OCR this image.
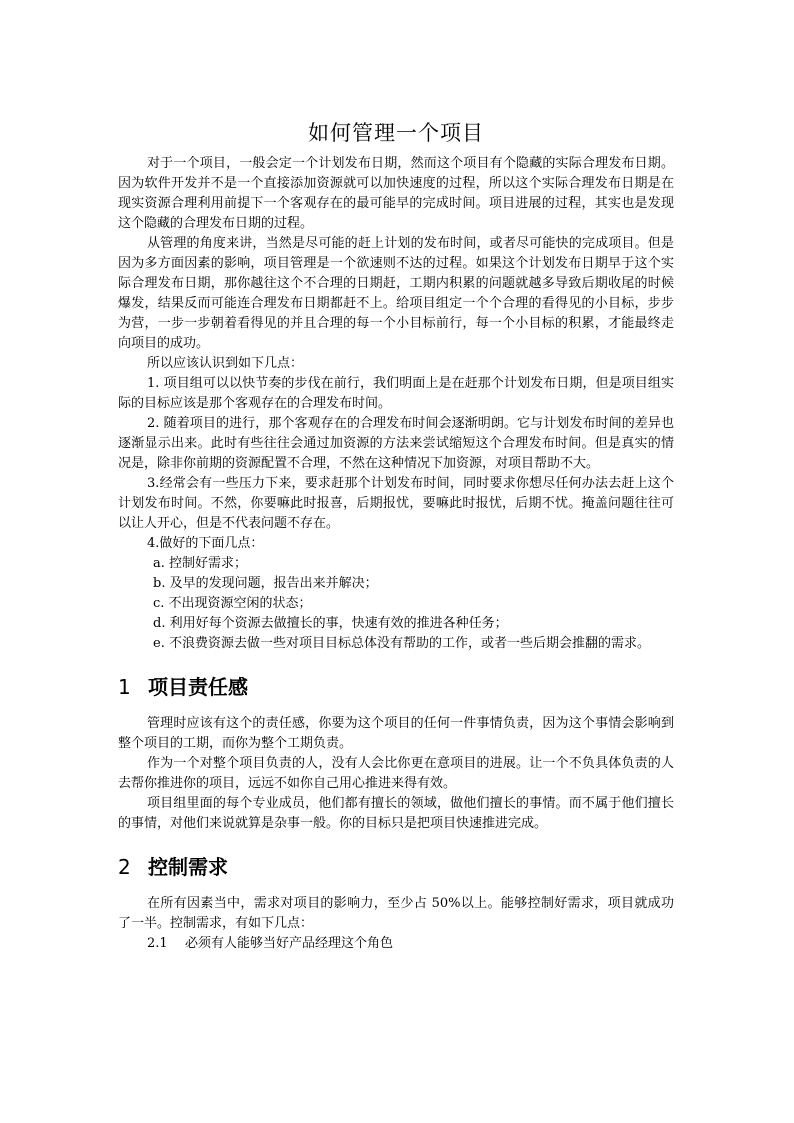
如何管理一个项目

对于一个项目，一般会定一个计划发布日期，然而这个项目有个隐藏的实际合理发布日期。因为软件开发并不是一个直接添加资源就可以加快速度的过程，所以这个实际合理发布日期是在现实资源合理利用前提下一个客观存在的最可能早的完成时间。项目进展的过程，其实也是发现这个隐藏的合理发布日期的过程。

从管理的角度来讲，当然是尽可能的赶上计划的发布时间，或者尽可能快的完成项目。但是因为多方面因素的影响，项目管理是一个欲速则不达的过程。如果这个计划发布日期早于这个实际合理发布日期，那你越往这个不合理的日期赶，工期内积累的问题就越多导致后期收尾的时候爆发，结果反而可能连合理发布日期都赶不上。给项目组定一个个合理的看得见的小目标，步步为营，一步一步朝着看得见的并且合理的每一个小目标前行，每一个小目标的积累，才能最终走向项目的成功。

所以应该认识到如下几点：

1. 项目组可以以快节奏的步伐在前行，我们明面上是在赶那个计划发布日期，但是项目组实际的目标应该是那个客观存在的合理发布时间。

2. 随着项目的进行，那个客观存在的合理发布时间会逐渐明朗。它与计划发布时间的差异也逐渐显示出来。此时有些往往会通过加资源的方法来尝试缩短这个合理发布时间。但是真实的情况是，除非你前期的资源配置不合理，不然在这种情况下加资源，对项目帮助不大。

3.经常会有一些压力下来，要求赶那个计划发布时间，同时要求你想尽任何办法去赶上这个计划发布时间。不然，你要嘛此时报喜，后期报忧，要嘛此时报忧，后期不忧。掩盖问题往往可以让人开心，但是不代表问题不存在。

4.做好的下面几点：

a. 控制好需求；

b. 及早的发现问题，报告出来并解决；

c. 不出现资源空闲的状态；

d. 利用好每个资源去做擅长的事，快速有效的推进各种任务；

e. 不浪费资源去做一些对项目目标总体没有帮助的工作，或者一些后期会推翻的需求。

1 项目责任感

管理时应该有这个的责任感，你要为这个项目的任何一件事情负责，因为这个事情会影响到整个项目的工期，而你为整个工期负责。

作为一个对整个项目负责的人，没有人会比你更在意项目的进展。让一个不负具体负责的人去帮你推进你的项目，远远不如你自己用心推进来得有效。

项目组里面的每个专业成员，他们都有擅长的领域，做他们擅长的事情。而不属于他们擅长的事情，对他们来说就算是杂事一般。你的目标只是把项目快速推进完成。

2 控制需求

在所有因素当中，需求对项目的影响力，至少占 50%以上。能够控制好需求，项目就成功了一半。控制需求，有如下几点：

2.1 必须有人能够当好产品经理这个角色
